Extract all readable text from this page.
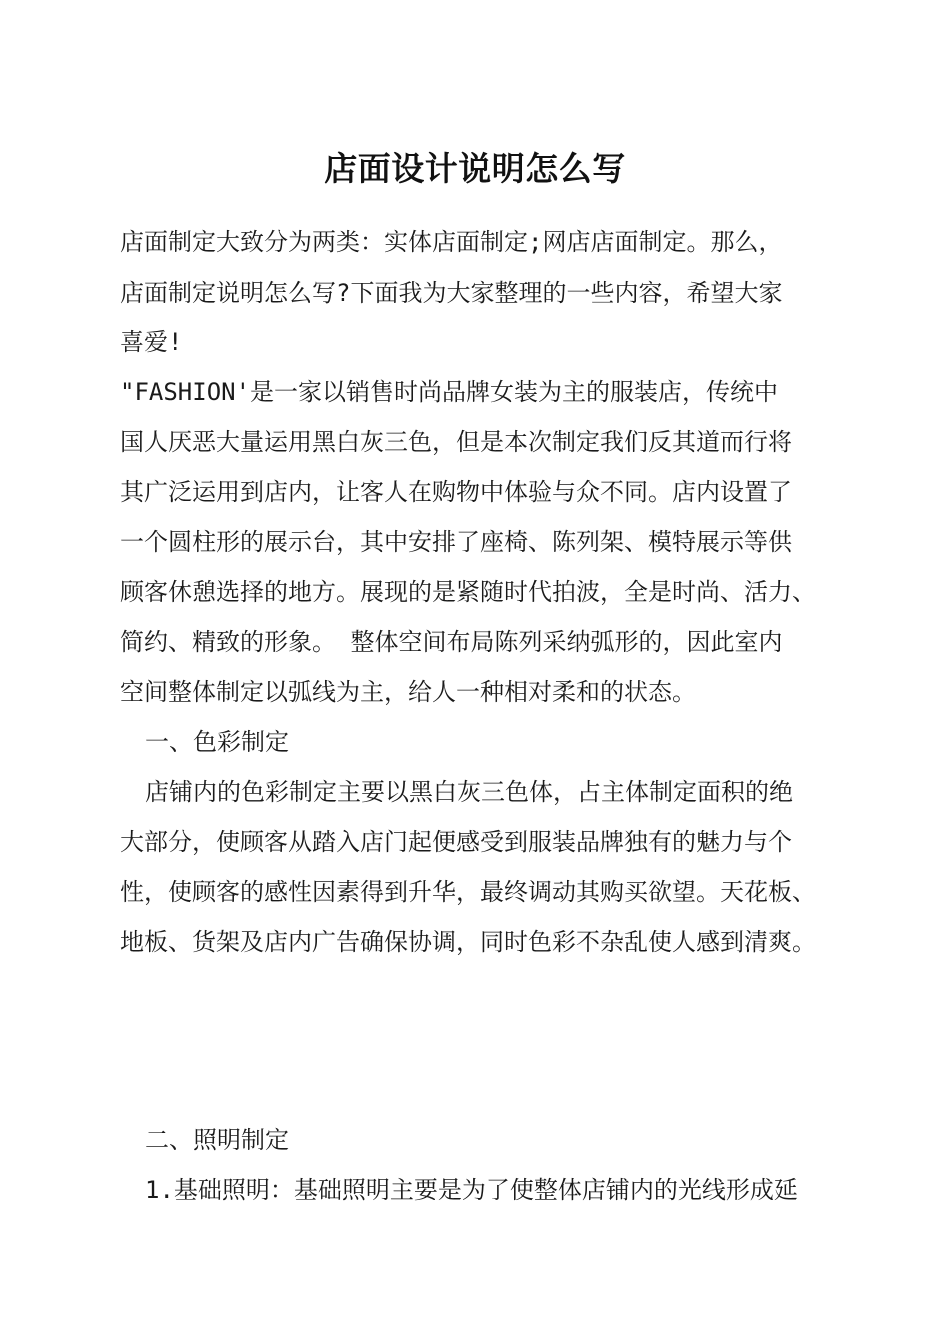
店面设计说明怎么写
店面制定大致分为两类：实体店面制定;网店店面制定。那么，
店面制定说明怎么写?下面我为大家整理的一些内容，希望大家
喜爱!
"FASHION'是一家以销售时尚品牌女装为主的服装店，传统中
国人厌恶大量运用黑白灰三色，但是本次制定我们反其道而行将
其广泛运用到店内，让客人在购物中体验与众不同。店内设置了
一个圆柱形的展示台，其中安排了座椅、陈列架、模特展示等供
顾客休憩选择的地方。展现的是紧随时代拍波，全是时尚、活力、
简约、精致的形象。 整体空间布局陈列采纳弧形的，因此室内
空间整体制定以弧线为主，给人一种相对柔和的状态。
一、色彩制定
店铺内的色彩制定主要以黑白灰三色体，占主体制定面积的绝
大部分，使顾客从踏入店门起便感受到服装品牌独有的魅力与个
性，使顾客的感性因素得到升华，最终调动其购买欲望。天花板、
地板、货架及店内广告确保协调，同时色彩不杂乱使人感到清爽。
二、照明制定
1.基础照明：基础照明主要是为了使整体店铺内的光线形成延
